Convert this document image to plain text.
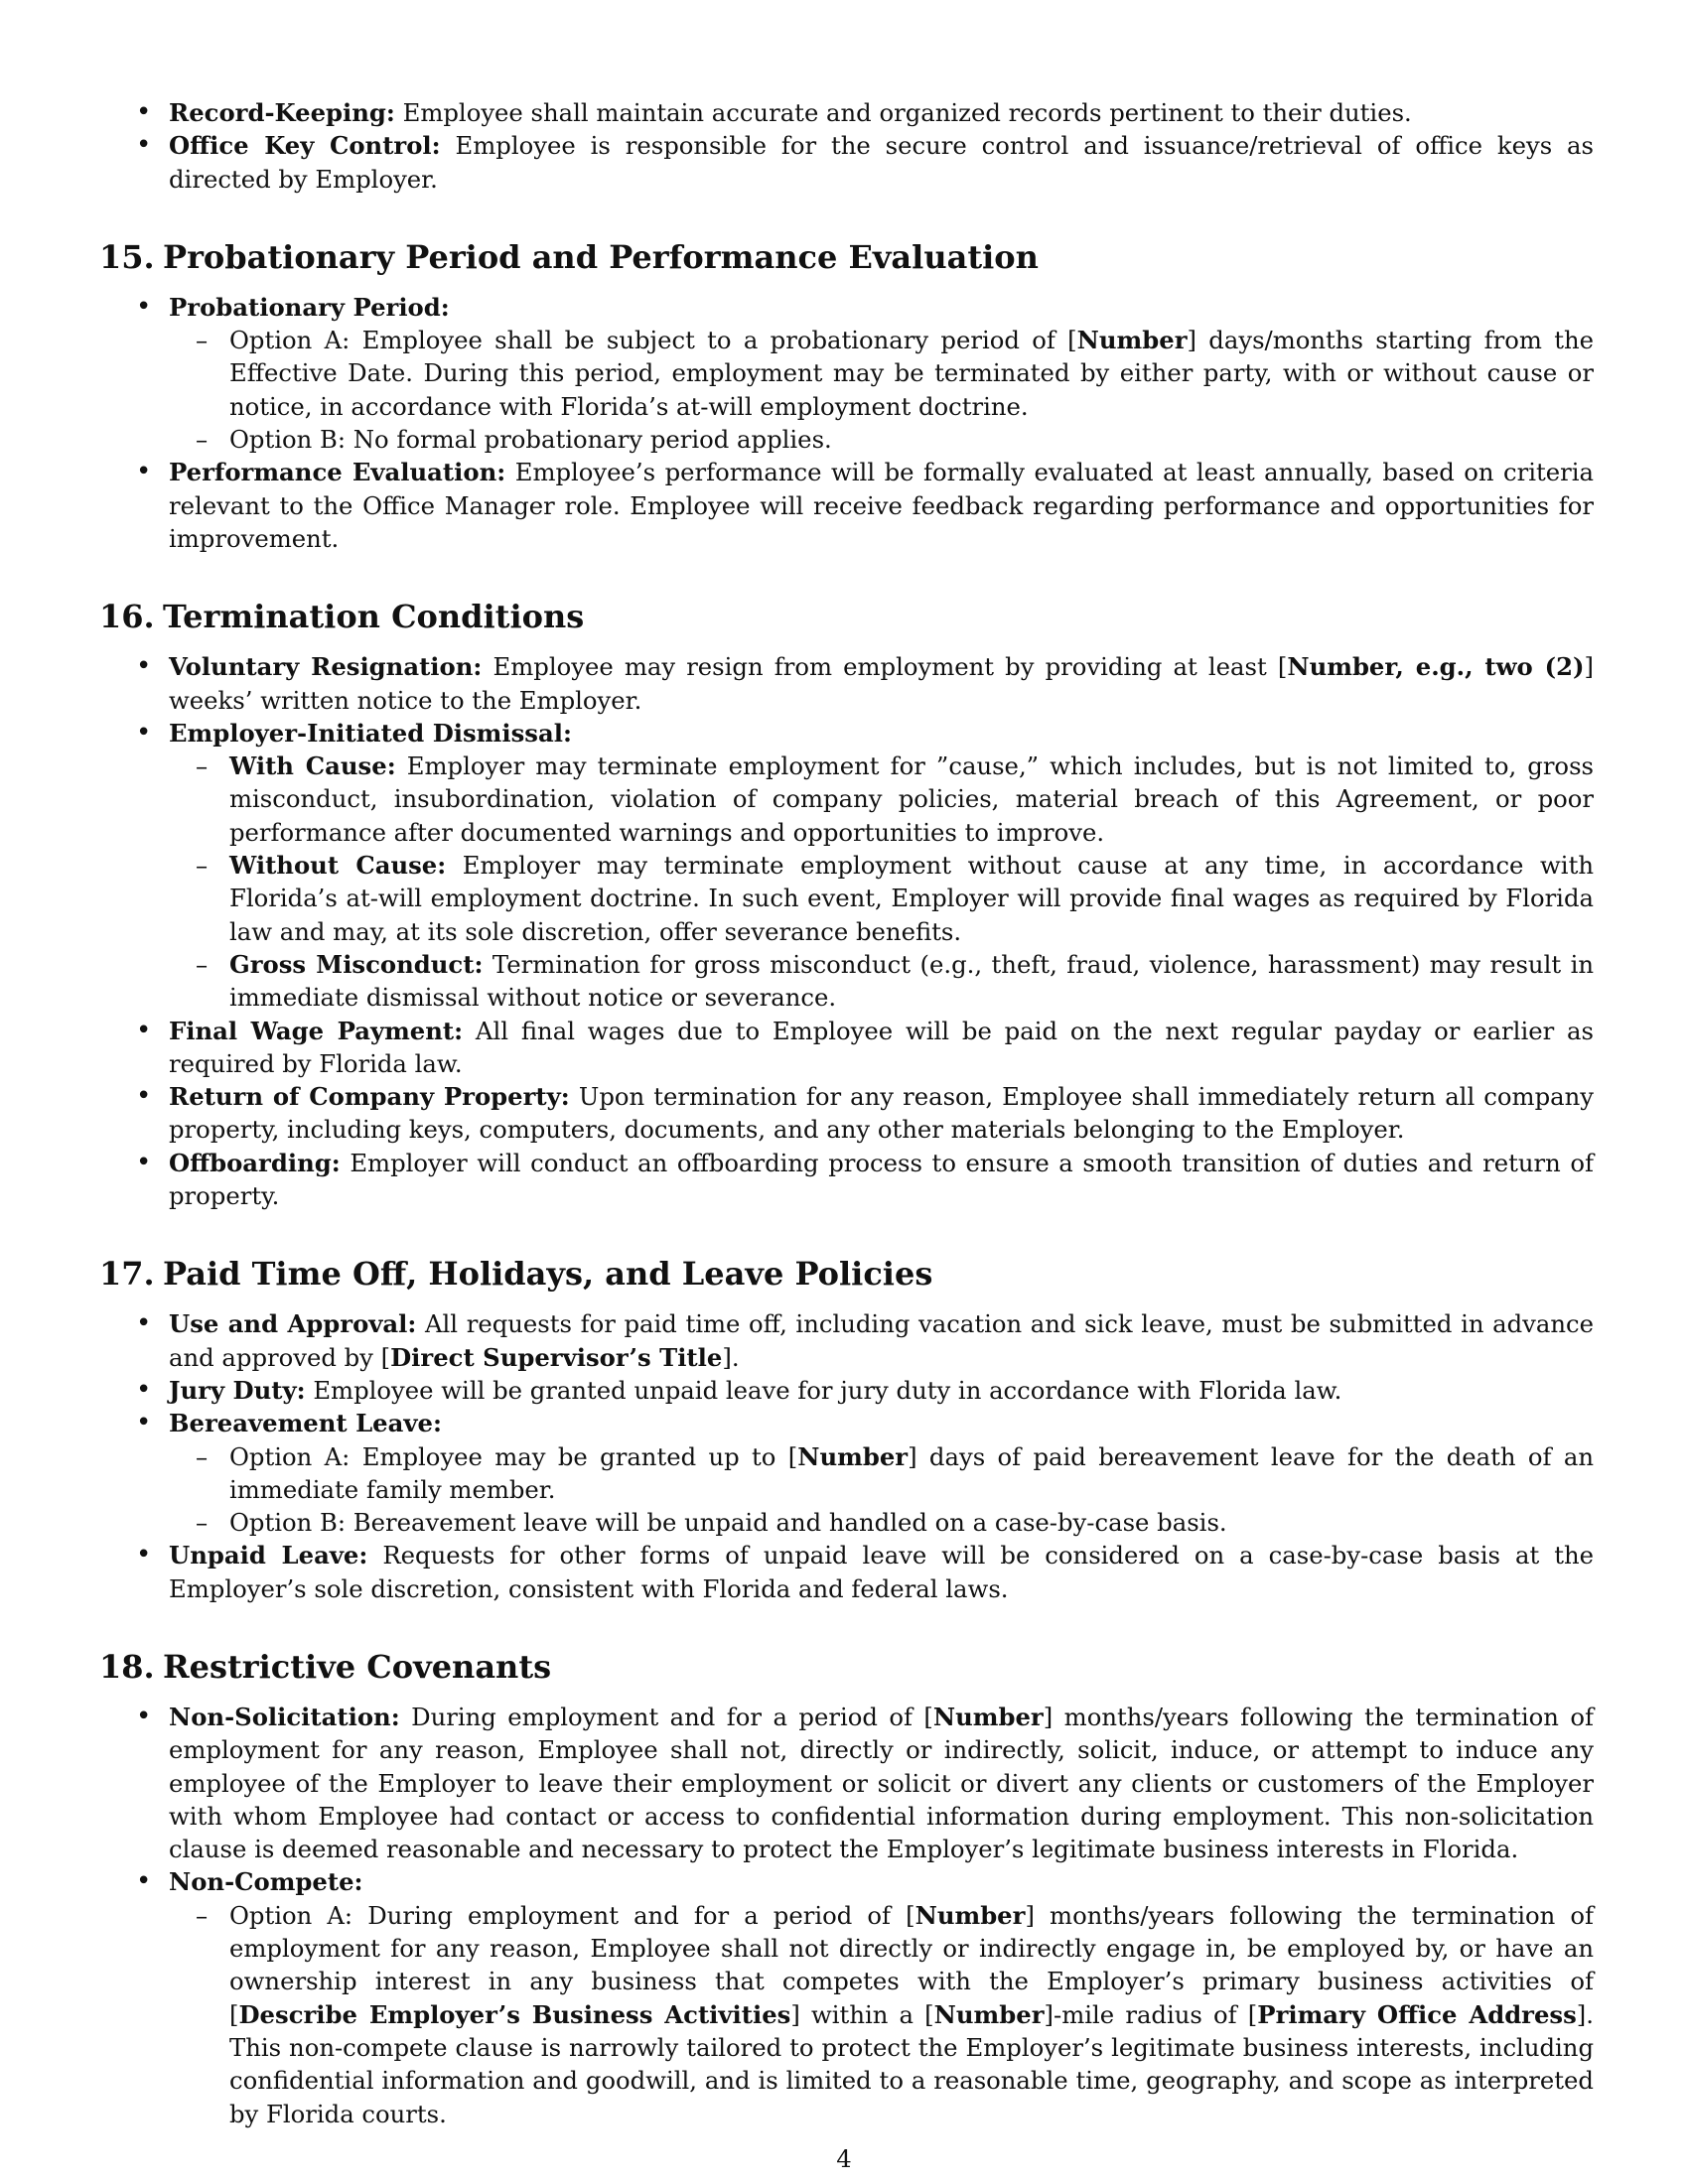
• Record-Keeping: Employee shall maintain accurate and organized records pertinent to their duties.
• Office Key Control: Employee is responsible for the secure control and issuance/retrieval of office keys as directed by Employer.
15. Probationary Period and Performance Evaluation
• Probationary Period:
– Option A: Employee shall be subject to a probationary period of [Number] days/months starting from the Effective Date. During this period, employment may be terminated by either party, with or without cause or notice, in accordance with Florida’s at-will employment doctrine.
– Option B: No formal probationary period applies.
• Performance Evaluation: Employee’s performance will be formally evaluated at least annually, based on criteria relevant to the Office Manager role. Employee will receive feedback regarding performance and opportunities for improvement.
16. Termination Conditions
• Voluntary Resignation: Employee may resign from employment by providing at least [Number, e.g., two (2)] weeks’ written notice to the Employer.
• Employer-Initiated Dismissal:
– With Cause: Employer may terminate employment for ”cause,” which includes, but is not limited to, gross misconduct, insubordination, violation of company policies, material breach of this Agreement, or poor performance after documented warnings and opportunities to improve.
– Without Cause: Employer may terminate employment without cause at any time, in accordance with Florida’s at-will employment doctrine. In such event, Employer will provide final wages as required by Florida law and may, at its sole discretion, offer severance benefits.
– Gross Misconduct: Termination for gross misconduct (e.g., theft, fraud, violence, harassment) may result in immediate dismissal without notice or severance.
• Final Wage Payment: All final wages due to Employee will be paid on the next regular payday or earlier as required by Florida law.
• Return of Company Property: Upon termination for any reason, Employee shall immediately return all company property, including keys, computers, documents, and any other materials belonging to the Employer.
• Offboarding: Employer will conduct an offboarding process to ensure a smooth transition of duties and return of property.
17. Paid Time Off, Holidays, and Leave Policies
• Use and Approval: All requests for paid time off, including vacation and sick leave, must be submitted in advance and approved by [Direct Supervisor’s Title].
• Jury Duty: Employee will be granted unpaid leave for jury duty in accordance with Florida law.
• Bereavement Leave:
– Option A: Employee may be granted up to [Number] days of paid bereavement leave for the death of an immediate family member.
– Option B: Bereavement leave will be unpaid and handled on a case-by-case basis.
• Unpaid Leave: Requests for other forms of unpaid leave will be considered on a case-by-case basis at the Employer’s sole discretion, consistent with Florida and federal laws.
18. Restrictive Covenants
• Non-Solicitation: During employment and for a period of [Number] months/years following the termination of employment for any reason, Employee shall not, directly or indirectly, solicit, induce, or attempt to induce any employee of the Employer to leave their employment or solicit or divert any clients or customers of the Employer with whom Employee had contact or access to confidential information during employment. This non-solicitation clause is deemed reasonable and necessary to protect the Employer’s legitimate business interests in Florida.
• Non-Compete:
– Option A: During employment and for a period of [Number] months/years following the termination of employment for any reason, Employee shall not directly or indirectly engage in, be employed by, or have an ownership interest in any business that competes with the Employer’s primary business activities of [Describe Employer’s Business Activities] within a [Number]-mile radius of [Primary Office Address]. This non-compete clause is narrowly tailored to protect the Employer’s legitimate business interests, including confidential information and goodwill, and is limited to a reasonable time, geography, and scope as interpreted by Florida courts.
4
